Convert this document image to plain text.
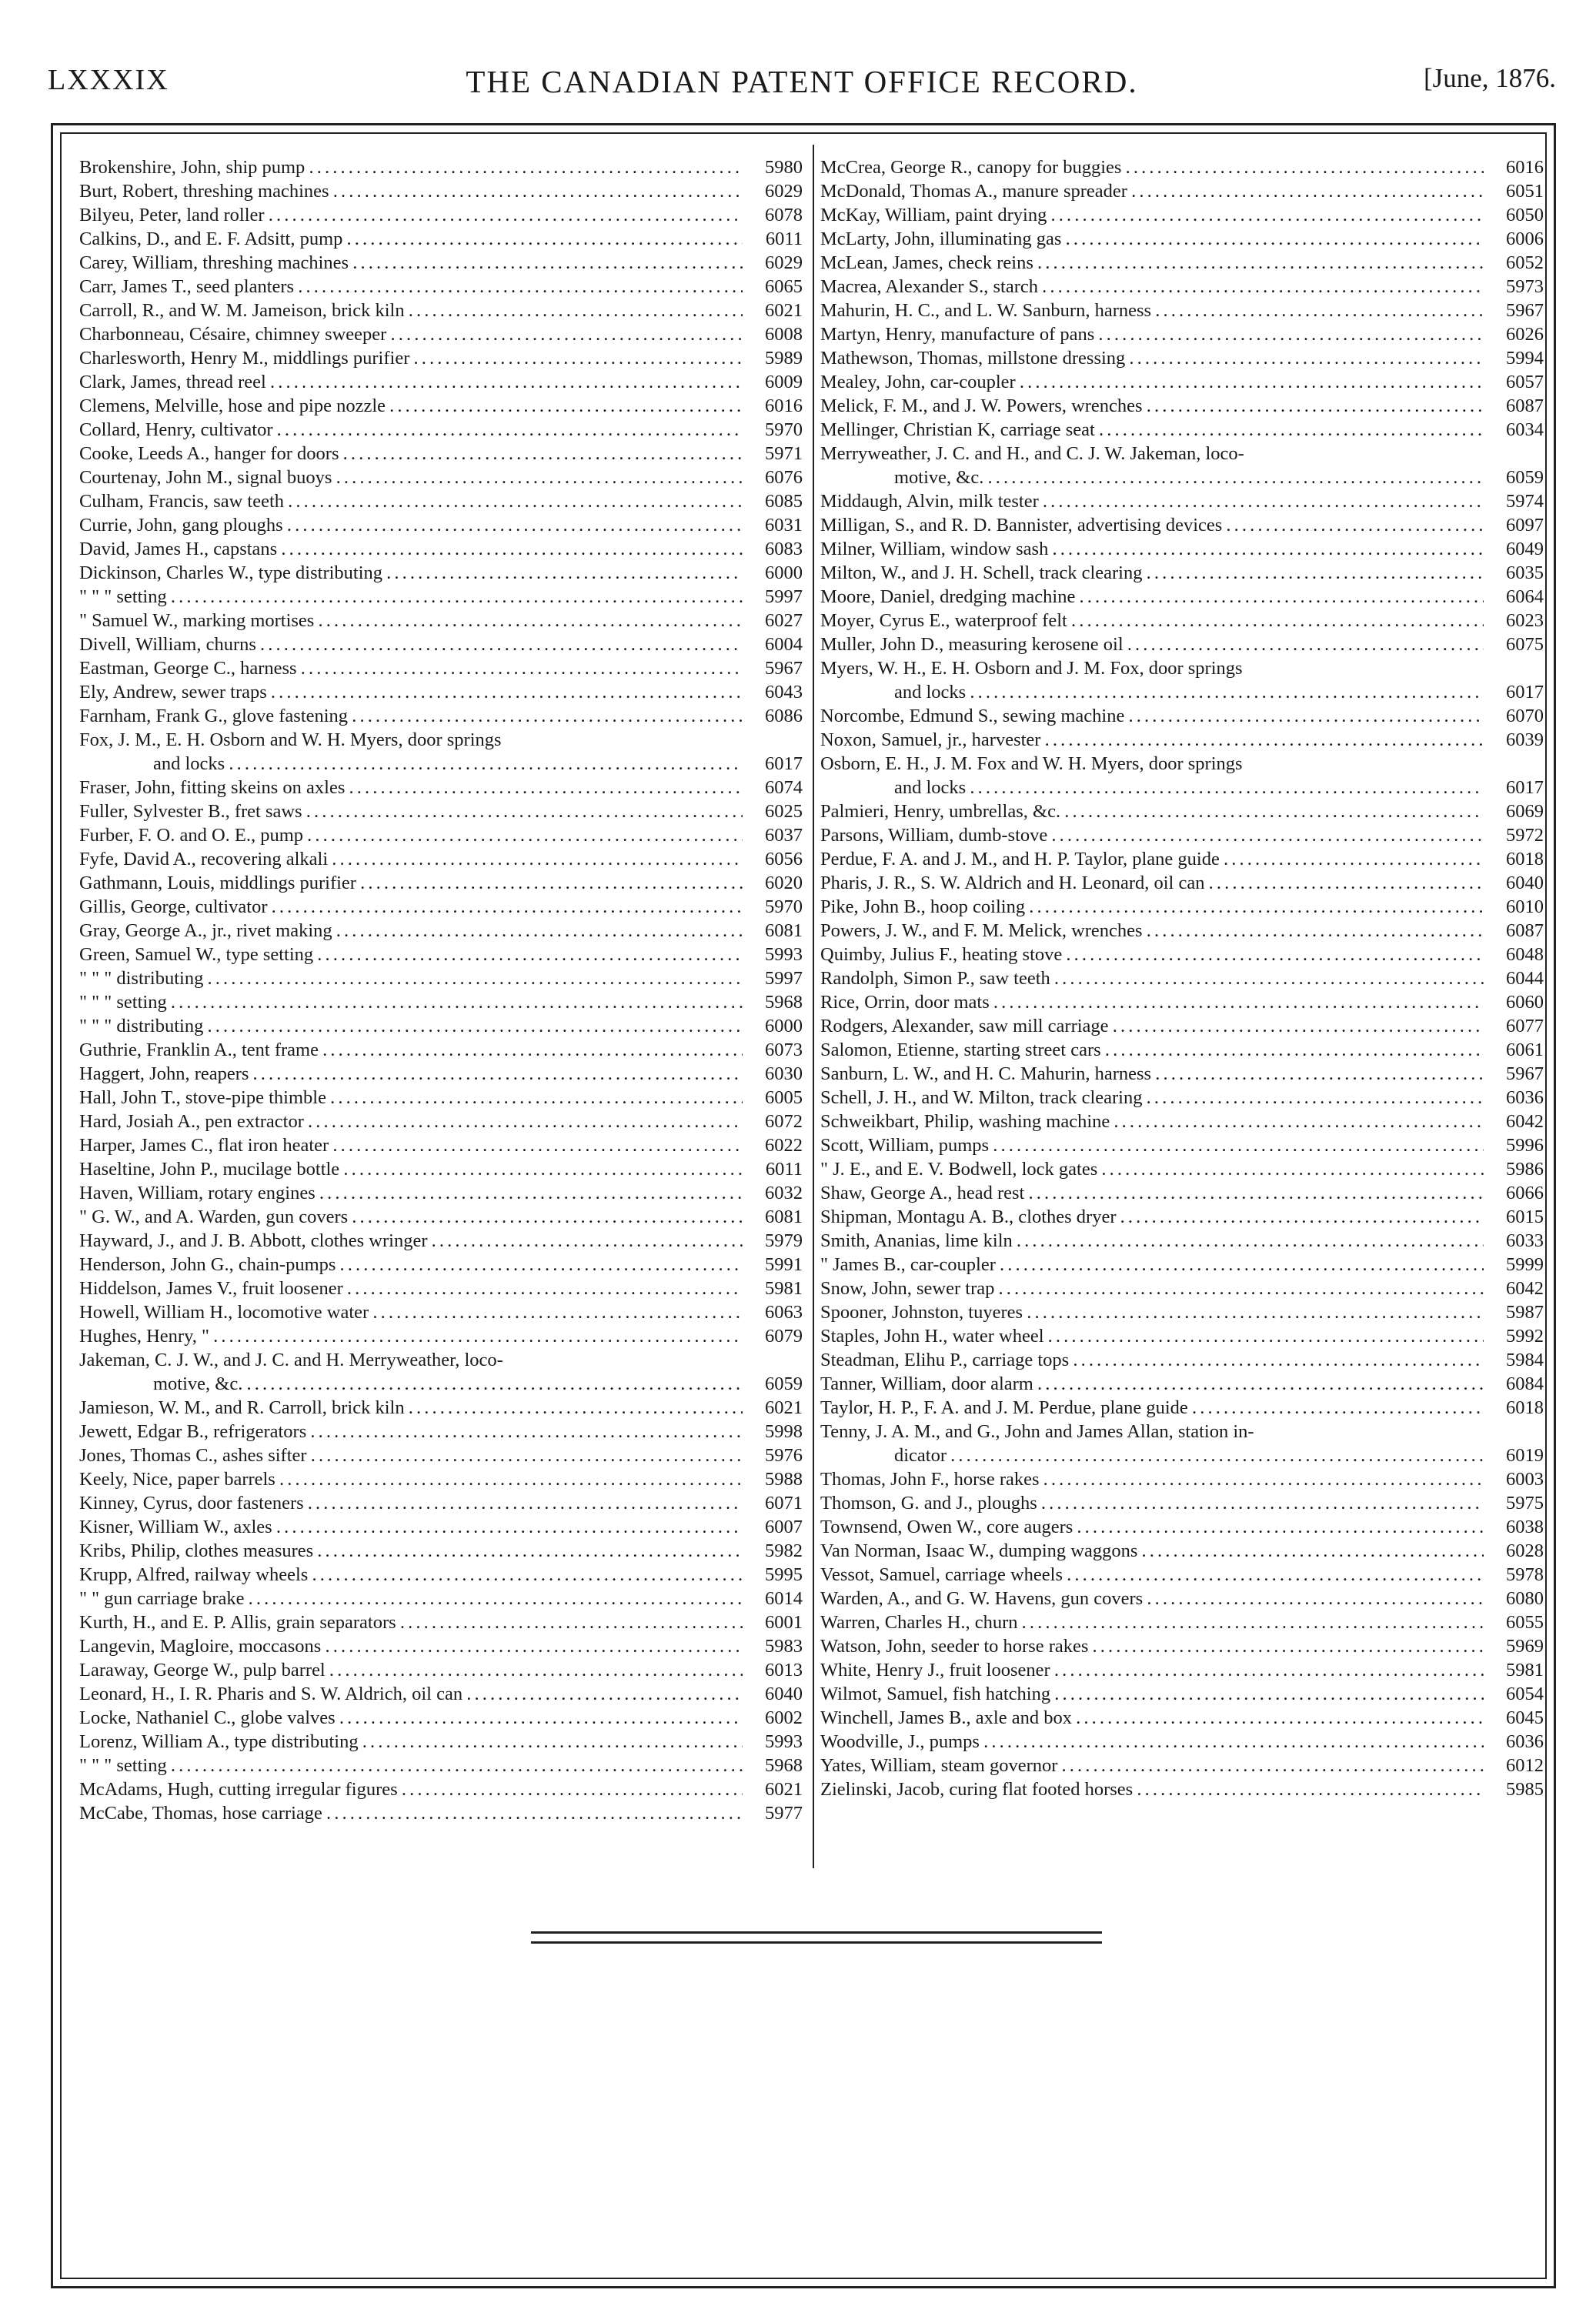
THE CANADIAN PATENT OFFICE RECORD.
LXXXIX	[June, 1876.
Brokenshire, John, ship pump . . .	5980
Burt, Robert, threshing machines . . .	6029
Bilyeu, Peter, land roller . . .	6078
Calkins, D., and E. F. Adsitt, pump . . .	6011
Carey, William, threshing machines . . .	6029
Carr, James T., seed planters . . .	6065
Carroll, R., and W. M. Jameison, brick kiln . . .	6021
Charbonneau, Césaire, chimney sweeper . . .	6008
Charlesworth, Henry M., middlings purifier . . .	5989
Clark, James, thread reel . . .	6009
Clemens, Melville, hose and pipe nozzle . . .	6016
Collard, Henry, cultivator . . .	5970
Cooke, Leeds A., hanger for doors . . .	5971
Courtenay, John M., signal buoys . . .	6076
Culham, Francis, saw teeth . . .	6085
Currie, John, gang ploughs . . .	6031
David, James H., capstans . . .	6083
Dickinson, Charles W., type distributing . . .	6000
" " " setting . . .	5997
" Samuel W., marking mortises . . .	6027
Divell, William, churns . . .	6004
Eastman, George C., harness . . .	5967
Ely, Andrew, sewer traps . . .	6043
Farnham, Frank G., glove fastening . . .	6086
Fox, J. M., E. H. Osborn and W. H. Myers, door springs
and locks . . .	6017
Fraser, John, fitting skeins on axles . . .	6074
Fuller, Sylvester B., fret saws . . .	6025
Furber, F. O. and O. E., pump . . .	6037
Fyfe, David A., recovering alkali . . .	6056
Gathmann, Louis, middlings purifier . . .	6020
Gillis, George, cultivator . . .	5970
Gray, George A., jr., rivet making . . .	6081
Green, Samuel W., type setting . . .	5993
" " " distributing . . .	5997
" " " setting . . .	5968
" " " distributing . . .	6000
Guthrie, Franklin A., tent frame . . .	6073
Haggert, John, reapers . . .	6030
Hall, John T., stove-pipe thimble . . .	6005
Hard, Josiah A., pen extractor . . .	6072
Harper, James C., flat iron heater . . .	6022
Haseltine, John P., mucilage bottle . . .	6011
Haven, William, rotary engines . . .	6032
" G. W., and A. Warden, gun covers . . .	6081
Hayward, J., and J. B. Abbott, clothes wringer . . .	5979
Henderson, John G., chain-pumps . . .	5991
Hiddelson, James V., fruit loosener . . .	5981
Howell, William H., locomotive water . . .	6063
Hughes, Henry, " . . .	6079
Jakeman, C. J. W., and J. C. and H. Merryweather, loco-
motive, &c. . . .	6059
Jamieson, W. M., and R. Carroll, brick kiln . . .	6021
Jewett, Edgar B., refrigerators . . .	5998
Jones, Thomas C., ashes sifter . . .	5976
Keely, Nice, paper barrels . . .	5988
Kinney, Cyrus, door fasteners . . .	6071
Kisner, William W., axles . . .	6007
Kribs, Philip, clothes measures . . .	5982
Krupp, Alfred, railway wheels . . .	5995
" " gun carriage brake . . .	6014
Kurth, H., and E. P. Allis, grain separators . . .	6001
Langevin, Magloire, moccasons . . .	5983
Laraway, George W., pulp barrel . . .	6013
Leonard, H., I. R. Pharis and S. W. Aldrich, oil can . . .	6040
Locke, Nathaniel C., globe valves . . .	6002
Lorenz, William A., type distributing . . .	5993
" " " setting . . .	5968
McAdams, Hugh, cutting irregular figures . . .	6021
McCabe, Thomas, hose carriage . . .	5977
McCrea, George R., canopy for buggies . . .	6016
McDonald, Thomas A., manure spreader . . .	6051
McKay, William, paint drying . . .	6050
McLarty, John, illuminating gas . . .	6006
McLean, James, check reins . . .	6052
Macrea, Alexander S., starch . . .	5973
Mahurin, H. C., and L. W. Sanburn, harness . . .	5967
Martyn, Henry, manufacture of pans . . .	6026
Mathewson, Thomas, millstone dressing . . .	5994
Mealey, John, car-coupler . . .	6057
Melick, F. M., and J. W. Powers, wrenches . . .	6087
Mellinger, Christian K, carriage seat . . .	6034
Merryweather, J. C. and H., and C. J. W. Jakeman, loco-
motive, &c. . . .	6059
Middaugh, Alvin, milk tester . . .	5974
Milligan, S., and R. D. Bannister, advertising devices . . .	6097
Milner, William, window sash . . .	6049
Milton, W., and J. H. Schell, track clearing . . .	6035
Moore, Daniel, dredging machine . . .	6064
Moyer, Cyrus E., waterproof felt . . .	6023
Muller, John D., measuring kerosene oil . . .	6075
Myers, W. H., E. H. Osborn and J. M. Fox, door springs
and locks . . .	6017
Norcombe, Edmund S., sewing machine . . .	6070
Noxon, Samuel, jr., harvester . . .	6039
Osborn, E. H., J. M. Fox and W. H. Myers, door springs
and locks . . .	6017
Palmieri, Henry, umbrellas, &c. . . .	6069
Parsons, William, dumb-stove . . .	5972
Perdue, F. A. and J. M., and H. P. Taylor, plane guide . . .	6018
Pharis, J. R., S. W. Aldrich and H. Leonard, oil can . . .	6040
Pike, John B., hoop coiling . . .	6010
Powers, J. W., and F. M. Melick, wrenches . . .	6087
Quimby, Julius F., heating stove . . .	6048
Randolph, Simon P., saw teeth . . .	6044
Rice, Orrin, door mats . . .	6060
Rodgers, Alexander, saw mill carriage . . .	6077
Salomon, Etienne, starting street cars . . .	6061
Sanburn, L. W., and H. C. Mahurin, harness . . .	5967
Schell, J. H., and W. Milton, track clearing . . .	6036
Schweikbart, Philip, washing machine . . .	6042
Scott, William, pumps . . .	5996
" J. E., and E. V. Bodwell, lock gates . . .	5986
Shaw, George A., head rest . . .	6066
Shipman, Montagu A. B., clothes dryer . . .	6015
Smith, Ananias, lime kiln . . .	6033
" James B., car-coupler . . .	5999
Snow, John, sewer trap . . .	6042
Spooner, Johnston, tuyeres . . .	5987
Staples, John H., water wheel . . .	5992
Steadman, Elihu P., carriage tops . . .	5984
Tanner, William, door alarm . . .	6084
Taylor, H. P., F. A. and J. M. Perdue, plane guide . . .	6018
Tenny, J. A. M., and G., John and James Allan, station in-
dicator . . .	6019
Thomas, John F., horse rakes . . .	6003
Thomson, G. and J., ploughs . . .	5975
Townsend, Owen W., core augers . . .	6038
Van Norman, Isaac W., dumping waggons . . .	6028
Vessot, Samuel, carriage wheels . . .	5978
Warden, A., and G. W. Havens, gun covers . . .	6080
Warren, Charles H., churn . . .	6055
Watson, John, seeder to horse rakes . . .	5969
White, Henry J., fruit loosener . . .	5981
Wilmot, Samuel, fish hatching . . .	6054
Winchell, James B., axle and box . . .	6045
Woodville, J., pumps . . .	6036
Yates, William, steam governor . . .	6012
Zielinski, Jacob, curing flat footed horses . . .	5985
